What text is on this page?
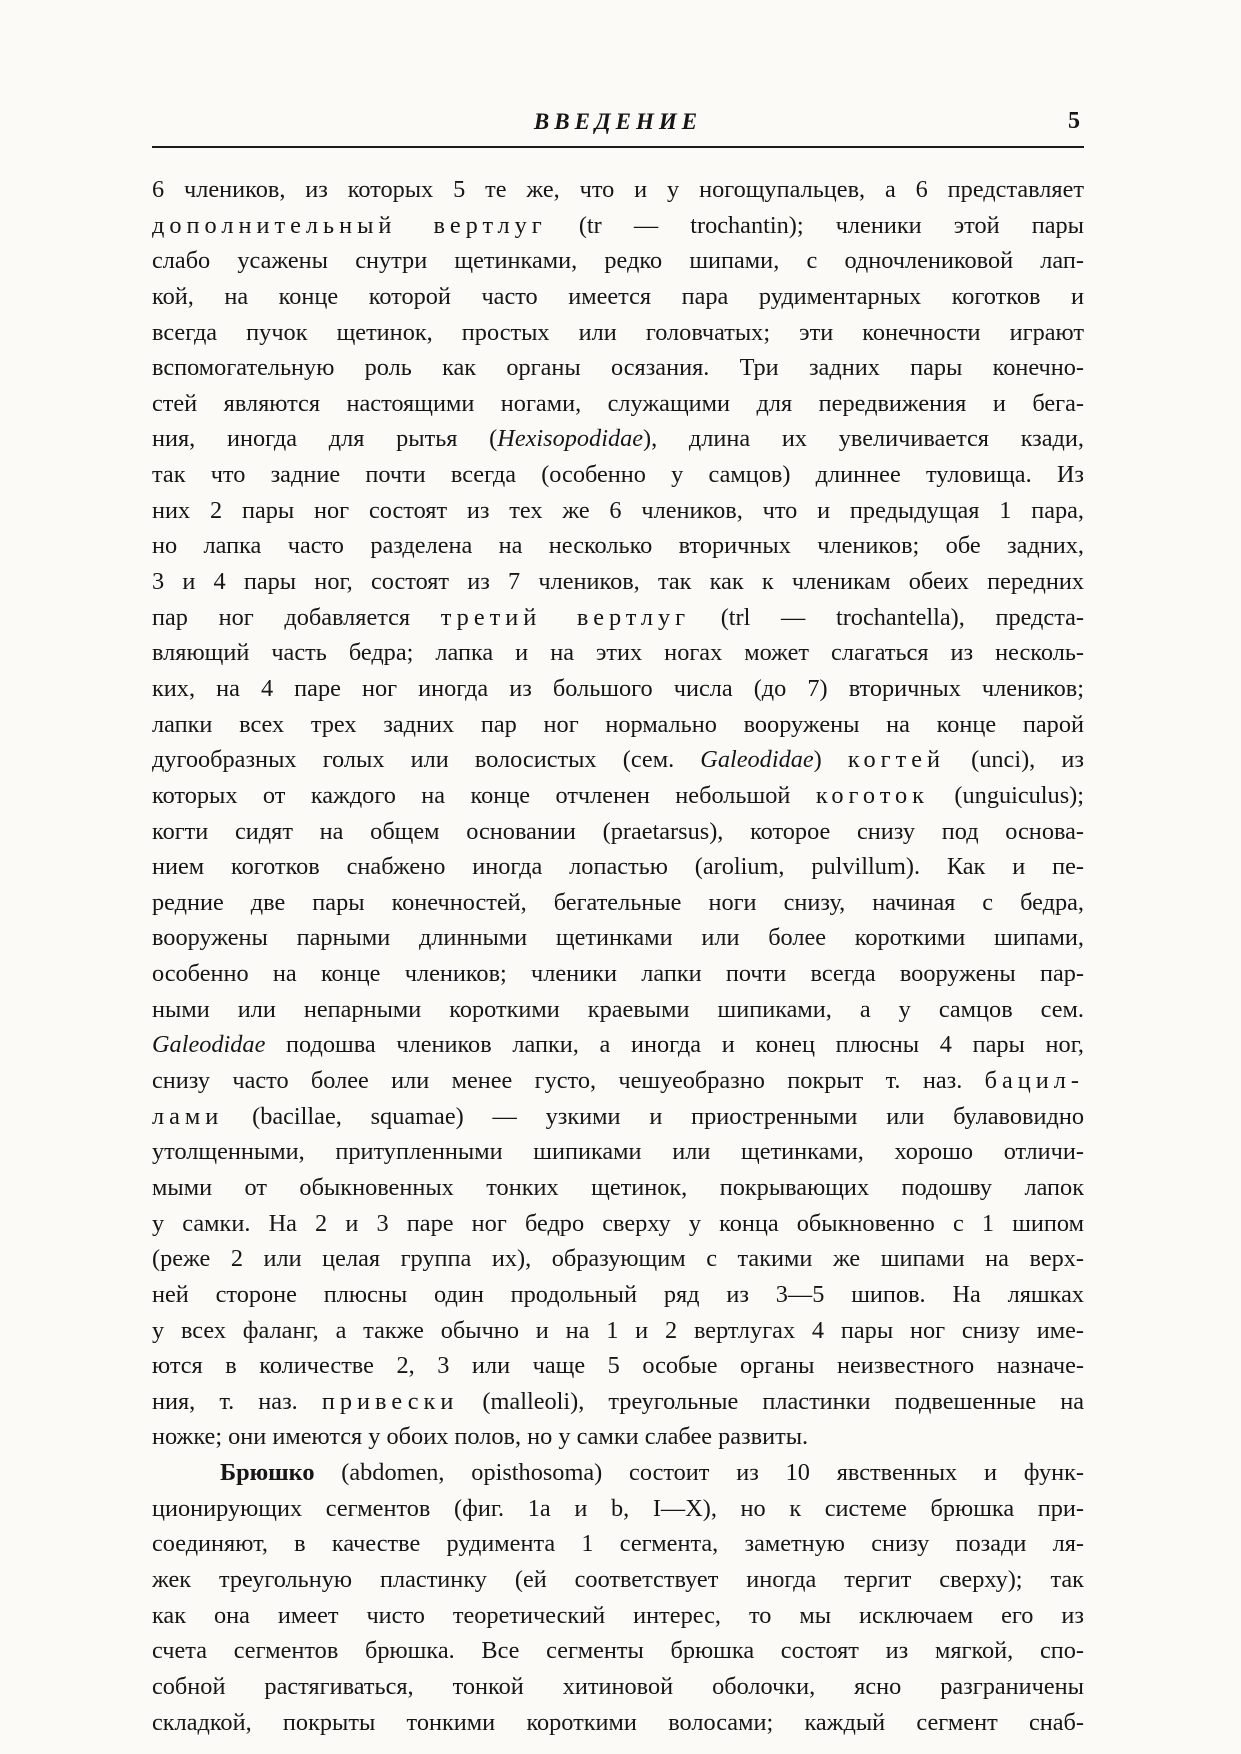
ВВЕДЕНИЕ	5
6 члеников, из которых 5 те же, что и у ногощупальцев, а 6 представляет
дополнительный вертлуг (tr — trochantin); членики этой пары
слабо усажены снутри щетинками, редко шипами, с одночлениковой лап-
кой, на конце которой часто имеется пара рудиментарных коготков и
всегда пучок щетинок, простых или головчатых; эти конечности играют
вспомогательную роль как органы осязания. Три задних пары конечно-
стей являются настоящими ногами, служащими для передвижения и бега-
ния, иногда для рытья (Hexisopodidae), длина их увеличивается кзади,
так что задние почти всегда (особенно у самцов) длиннее туловища. Из
них 2 пары ног состоят из тех же 6 члеников, что и предыдущая 1 пара,
но лапка часто разделена на несколько вторичных члеников; обе задних,
3 и 4 пары ног, состоят из 7 члеников, так как к членикам обеих передних
пар ног добавляется третий вертлуг (trl — trochantella), предста-
вляющий часть бедра; лапка и на этих ногах может слагаться из несколь-
ких, на 4 паре ног иногда из большого числа (до 7) вторичных члеников;
лапки всех трех задних пар ног нормально вооружены на конце парой
дугообразных голых или волосистых (сем. Galeodidae) когтей (unci), из
которых от каждого на конце отчленен небольшой коготок (unguiculus);
когти сидят на общем основании (praetarsus), которое снизу под основа-
нием коготков снабжено иногда лопастью (arolium, pulvillum). Как и пе-
редние две пары конечностей, бегательные ноги снизу, начиная с бедра,
вооружены парными длинными щетинками или более короткими шипами,
особенно на конце члеников; членики лапки почти всегда вооружены пар-
ными или непарными короткими краевыми шипиками, а у самцов сем.
Galeodidae подошва члеников лапки, а иногда и конец плюсны 4 пары ног,
снизу часто более или менее густо, чешуеобразно покрыт т. наз. бацил-
лами (bacillae, squamae) — узкими и приостренными или булавовидно
утолщенными, притупленными шипиками или щетинками, хорошо отличи-
мыми от обыкновенных тонких щетинок, покрывающих подошву лапок
у самки. На 2 и 3 паре ног бедро сверху у конца обыкновенно с 1 шипом
(реже 2 или целая группа их), образующим с такими же шипами на верх-
ней стороне плюсны один продольный ряд из 3—5 шипов. На ляшках
у всех фаланг, а также обычно и на 1 и 2 вертлугах 4 пары ног снизу име-
ются в количестве 2, 3 или чаще 5 особые органы неизвестного назначе-
ния, т. наз. привески (malleoli), треугольные пластинки подвешенные на
ножке; они имеются у обоих полов, но у самки слабее развиты.
Брюшко (abdomen, opisthosoma) состоит из 10 явственных и функ-
ционирующих сегментов (фиг. 1a и b, I—X), но к системе брюшка при-
соединяют, в качестве рудимента 1 сегмента, заметную снизу позади ля-
жек треугольную пластинку (ей соответствует иногда тергит сверху); так
как она имеет чисто теоретический интерес, то мы исключаем его из
счета сегментов брюшка. Все сегменты брюшка состоят из мягкой, спо-
собной растягиваться, тонкой хитиновой оболочки, ясно разграничены
складкой, покрыты тонкими короткими волосами; каждый сегмент снаб-
